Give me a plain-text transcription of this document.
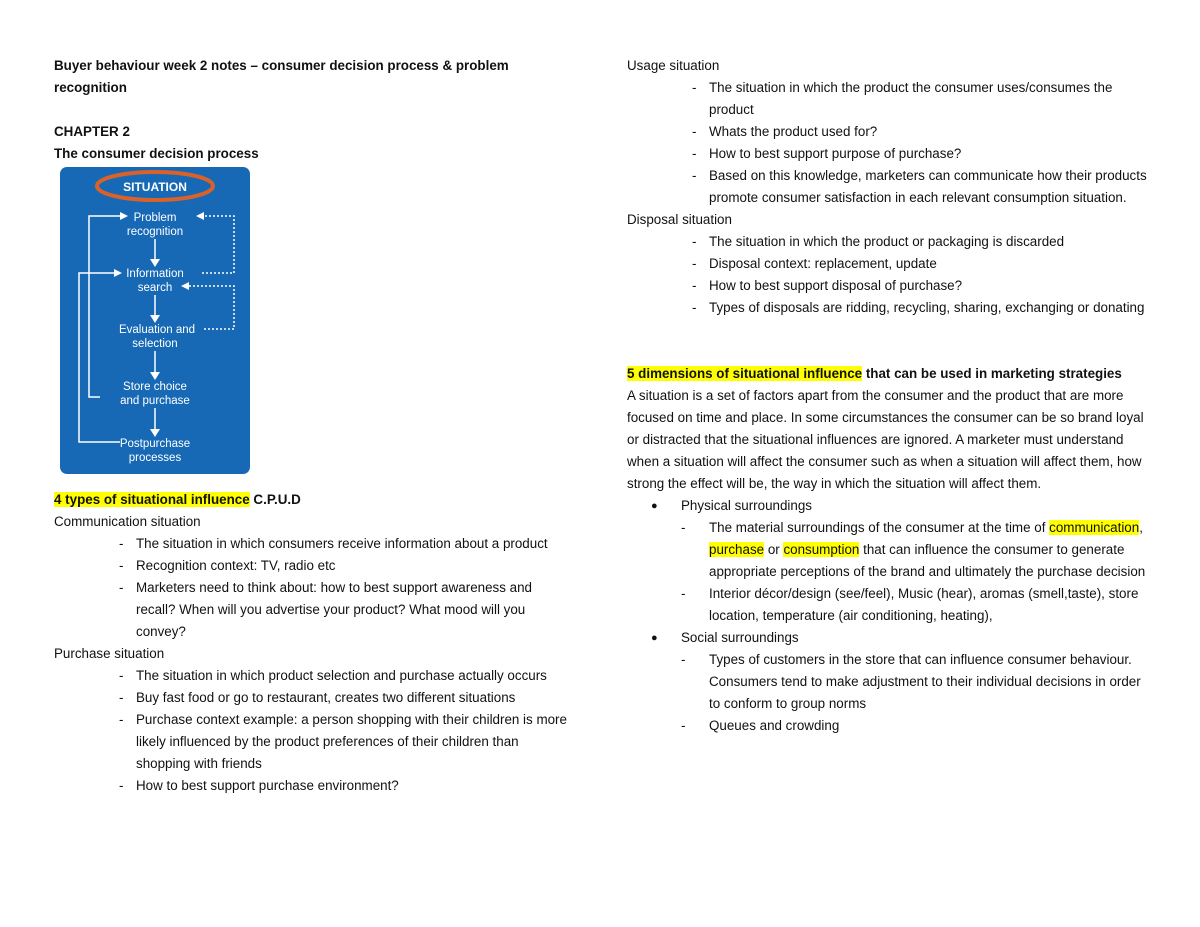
Buyer behaviour week 2 notes – consumer decision process & problem recognition
CHAPTER 2
The consumer decision process
SITUATION
Problem
recognition
Information
search
Evaluation and
selection
Store choice
and purchase
Postpurchase
processes
4 types of situational influence C.P.U.D
Communication situation
- The situation in which consumers receive information about a product
- Recognition context: TV, radio etc
- Marketers need to think about: how to best support awareness and recall? When will you advertise your product? What mood will you convey?
Purchase situation
- The situation in which product selection and purchase actually occurs
- Buy fast food or go to restaurant, creates two different situations
- Purchase context example: a person shopping with their children is more likely influenced by the product preferences of their children than shopping with friends
- How to best support purchase environment?
Usage situation
- The situation in which the product the consumer uses/consumes the product
- Whats the product used for?
- How to best support purpose of purchase?
- Based on this knowledge, marketers can communicate how their products promote consumer satisfaction in each relevant consumption situation.
Disposal situation
- The situation in which the product or packaging is discarded
- Disposal context: replacement, update
- How to best support disposal of purchase?
- Types of disposals are ridding, recycling, sharing, exchanging or donating
5 dimensions of situational influence that can be used in marketing strategies
A situation is a set of factors apart from the consumer and the product that are more focused on time and place. In some circumstances the consumer can be so brand loyal or distracted that the situational influences are ignored. A marketer must understand when a situation will affect the consumer such as when a situation will affect them, how strong the effect will be, the way in which the situation will affect them.
● Physical surroundings
- The material surroundings of the consumer at the time of communication, purchase or consumption that can influence the consumer to generate appropriate perceptions of the brand and ultimately the purchase decision
- Interior décor/design (see/feel), Music (hear), aromas (smell,taste), store location, temperature (air conditioning, heating),
● Social surroundings
- Types of customers in the store that can influence consumer behaviour. Consumers tend to make adjustment to their individual decisions in order to conform to group norms
- Queues and crowding
